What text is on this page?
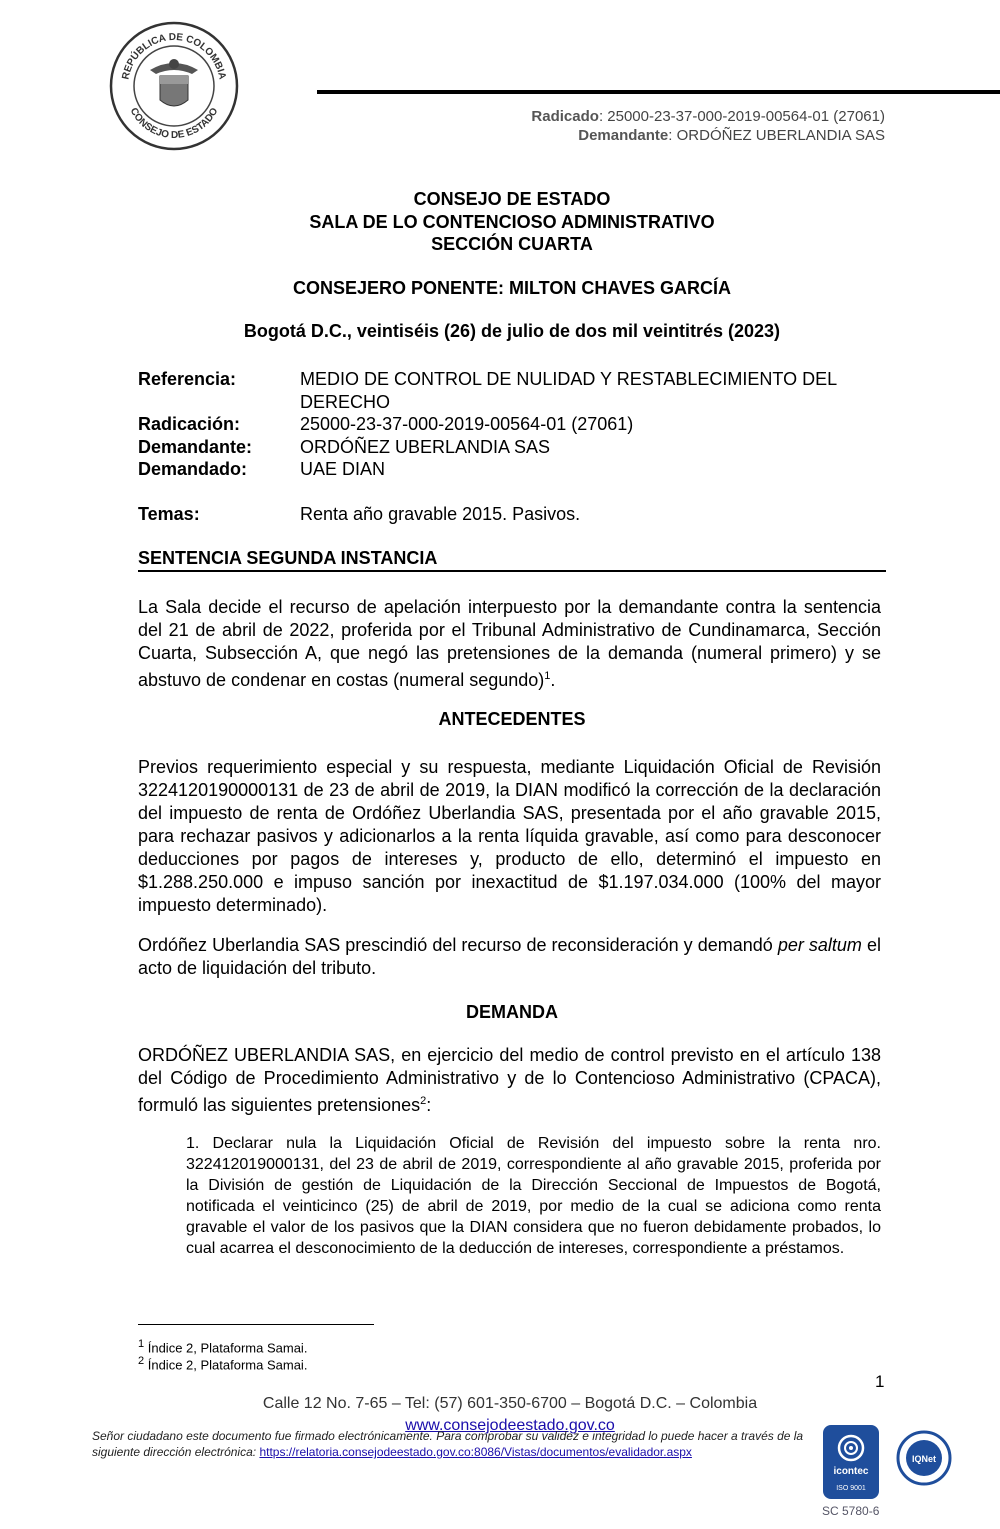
REPÚBLICA DE COLOMBIA
CONSEJO DE ESTADO	Radicado: 25000-23-37-000-2019-00564-01 (27061)
Demandante: ORDÓÑEZ UBERLANDIA SAS
CONSEJO DE ESTADO
SALA DE LO CONTENCIOSO ADMINISTRATIVO
SECCIÓN CUARTA
CONSEJERO PONENTE: MILTON CHAVES GARCÍA
Bogotá D.C., veintiséis (26) de julio de dos mil veintitrés (2023)
Referencia:	MEDIO DE CONTROL DE NULIDAD Y RESTABLECIMIENTO DEL DERECHO
Radicación:	25000-23-37-000-2019-00564-01 (27061)
Demandante:	ORDÓÑEZ UBERLANDIA SAS
Demandado:	UAE DIAN
Temas:	Renta año gravable 2015. Pasivos.
SENTENCIA SEGUNDA INSTANCIA
La Sala decide el recurso de apelación interpuesto por la demandante contra la sentencia del 21 de abril de 2022, proferida por el Tribunal Administrativo de Cundinamarca, Sección Cuarta, Subsección A, que negó las pretensiones de la demanda (numeral primero) y se abstuvo de condenar en costas (numeral segundo)$^1$.
ANTECEDENTES
Previos requerimiento especial y su respuesta, mediante Liquidación Oficial de Revisión 3224120190000131 de 23 de abril de 2019, la DIAN modificó la corrección de la declaración del impuesto de renta de Ordóñez Uberlandia SAS, presentada por el año gravable 2015, para rechazar pasivos y adicionarlos a la renta líquida gravable, así como para desconocer deducciones por pagos de intereses y, producto de ello, determinó el impuesto en $1.288.250.000 e impuso sanción por inexactitud de $1.197.034.000 (100% del mayor impuesto determinado).
Ordóñez Uberlandia SAS prescindió del recurso de reconsideración y demandó per saltum el acto de liquidación del tributo.
DEMANDA
ORDÓÑEZ UBERLANDIA SAS, en ejercicio del medio de control previsto en el artículo 138 del Código de Procedimiento Administrativo y de lo Contencioso Administrativo (CPACA), formuló las siguientes pretensiones$^2$:
1. Declarar nula la Liquidación Oficial de Revisión del impuesto sobre la renta nro. 322412019000131, del 23 de abril de 2019, correspondiente al año gravable 2015, proferida por la División de gestión de Liquidación de la Dirección Seccional de Impuestos de Bogotá, notificada el veinticinco (25) de abril de 2019, por medio de la cual se adiciona como renta gravable el valor de los pasivos que la DIAN considera que no fueron debidamente probados, lo cual acarrea el desconocimiento de la deducción de intereses, correspondiente a préstamos.
$^1$ Índice 2, Plataforma Samai.
$^2$ Índice 2, Plataforma Samai.
1
Calle 12 No. 7-65 – Tel: (57) 601-350-6700 – Bogotá D.C. – Colombia
www.consejodeestado.gov.co
Señor ciudadano este documento fue firmado electrónicamente. Para comprobar su validez e integridad lo puede hacer a través de la siguiente dirección electrónica: https://relatoria.consejodeestado.gov.co:8086/Vistas/documentos/evalidador.aspx
icontec
ISO 9001
IQNet
SC 5780-6
